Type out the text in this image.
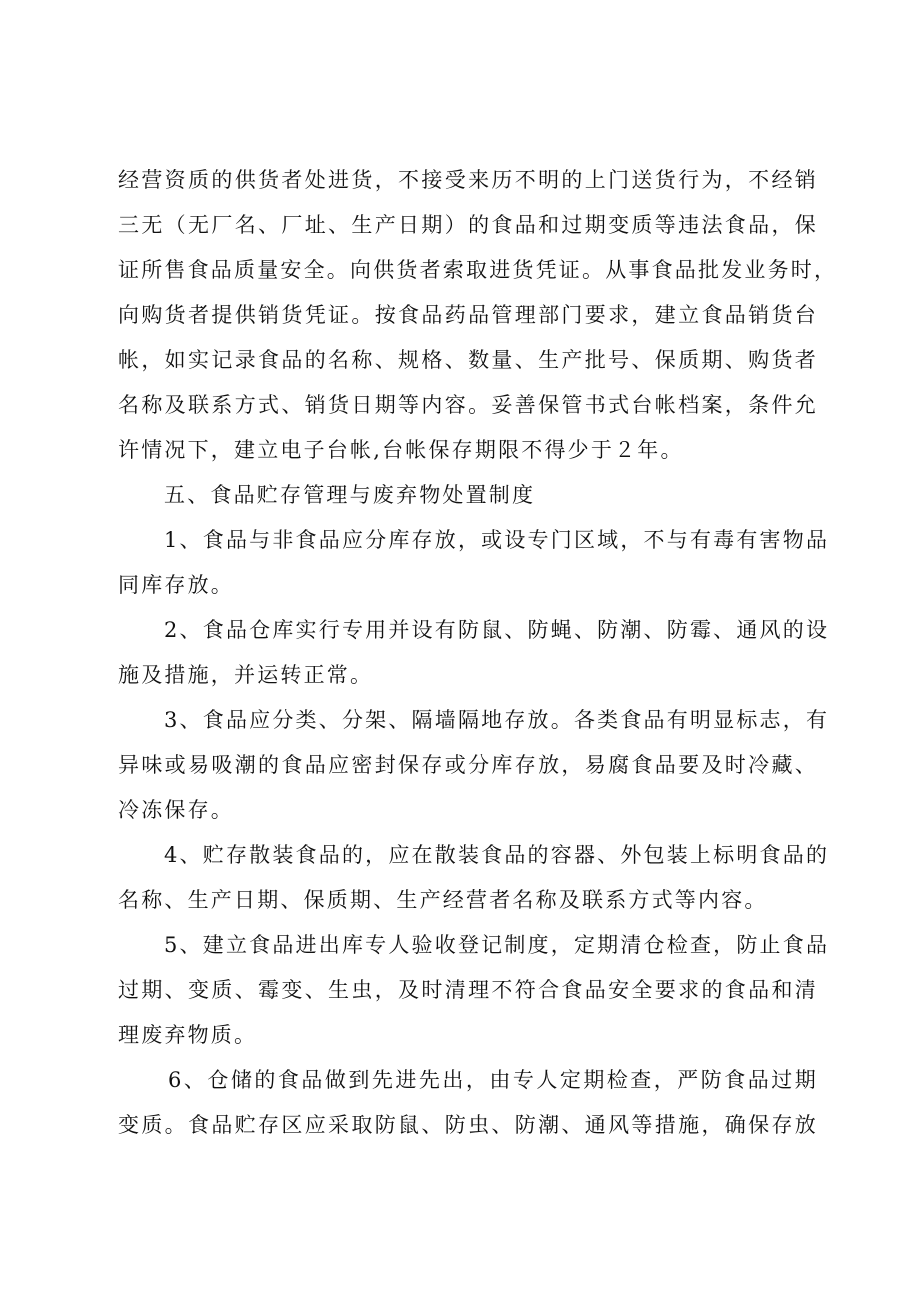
经营资质的供货者处进货，不接受来历不明的上门送货行为，不经销
三无（无厂名、厂址、生产日期）的食品和过期变质等违法食品，保
证所售食品质量安全。向供货者索取进货凭证。从事食品批发业务时，
向购货者提供销货凭证。按食品药品管理部门要求，建立食品销货台
帐，如实记录食品的名称、规格、数量、生产批号、保质期、购货者
名称及联系方式、销货日期等内容。妥善保管书式台帐档案，条件允
许情况下，建立电子台帐,台帐保存期限不得少于２年。
五、食品贮存管理与废弃物处置制度
1、食品与非食品应分库存放，或设专门区域，不与有毒有害物品
同库存放。
2、食品仓库实行专用并设有防鼠、防蝇、防潮、防霉、通风的设
施及措施，并运转正常。
3、食品应分类、分架、隔墙隔地存放。各类食品有明显标志，有
异味或易吸潮的食品应密封保存或分库存放，易腐食品要及时冷藏、
冷冻保存。
4、贮存散装食品的，应在散装食品的容器、外包装上标明食品的
名称、生产日期、保质期、生产经营者名称及联系方式等内容。
5、建立食品进出库专人验收登记制度，定期清仓检查，防止食品
过期、变质、霉变、生虫，及时清理不符合食品安全要求的食品和清
理废弃物质。
6、仓储的食品做到先进先出，由专人定期检查，严防食品过期
变质。食品贮存区应采取防鼠、防虫、防潮、通风等措施，确保存放
